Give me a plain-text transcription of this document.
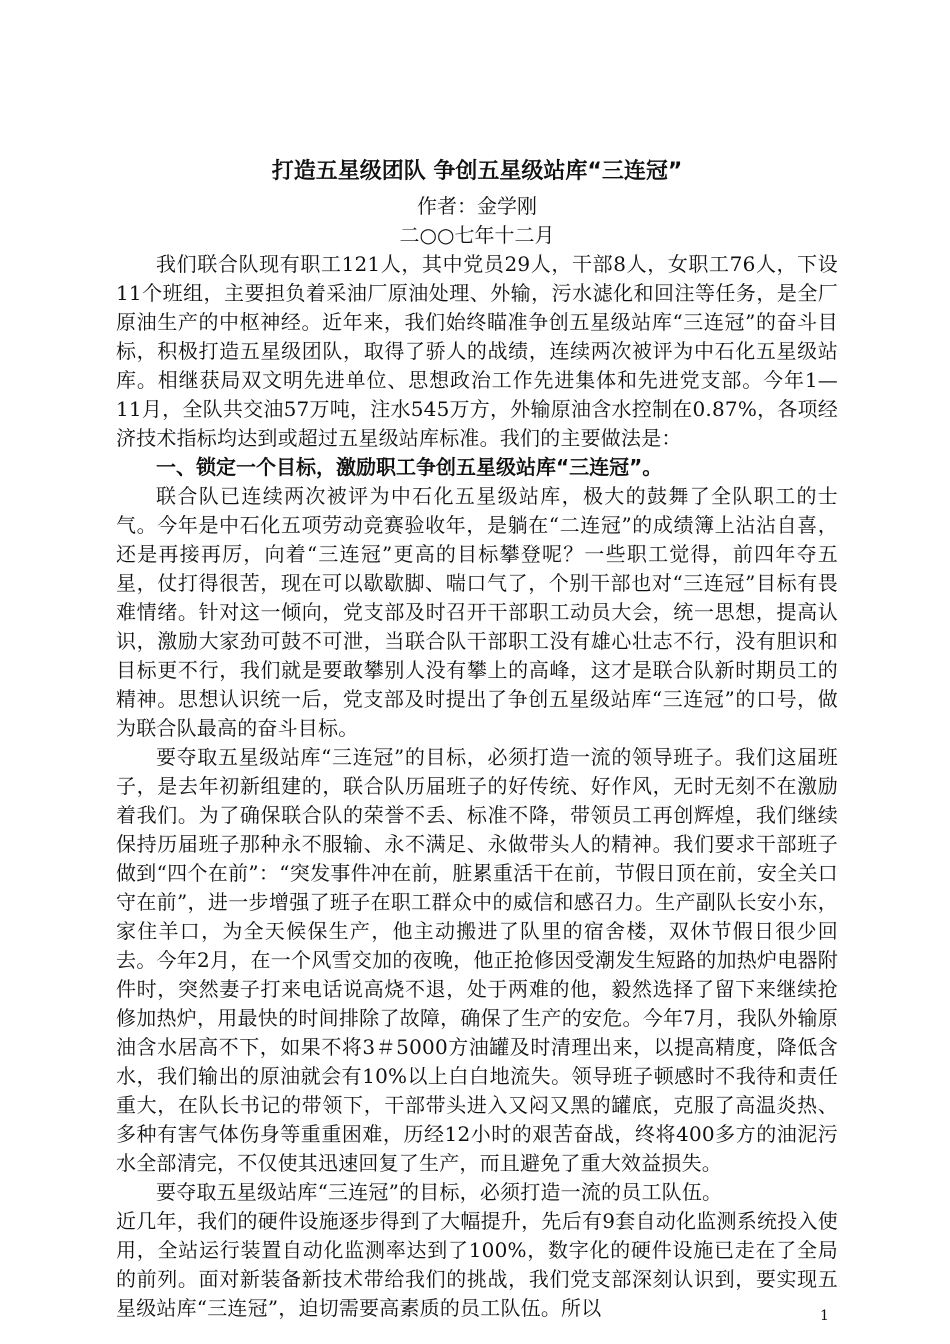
打造五星级团队 争创五星级站库“三连冠”

作者：金学刚

二○○七年十二月

我们联合队现有职工121人，其中党员29人，干部8人，女职工76人，下设11个班组，主要担负着采油厂原油处理、外输，污水滤化和回注等任务，是全厂原油生产的中枢神经。近年来，我们始终瞄准争创五星级站库“三连冠”的奋斗目标，积极打造五星级团队，取得了骄人的战绩，连续两次被评为中石化五星级站库。相继获局双文明先进单位、思想政治工作先进集体和先进党支部。今年1—11月，全队共交油57万吨，注水545万方，外输原油含水控制在0.87%，各项经济技术指标均达到或超过五星级站库标准。我们的主要做法是：

一、锁定一个目标，激励职工争创五星级站库“三连冠”。

联合队已连续两次被评为中石化五星级站库，极大的鼓舞了全队职工的士气。今年是中石化五项劳动竞赛验收年，是躺在“二连冠”的成绩簿上沾沾自喜，还是再接再厉，向着“三连冠”更高的目标攀登呢？一些职工觉得，前四年夺五星，仗打得很苦，现在可以歇歇脚、喘口气了，个别干部也对“三连冠”目标有畏难情绪。针对这一倾向，党支部及时召开干部职工动员大会，统一思想，提高认识，激励大家劲可鼓不可泄，当联合队干部职工没有雄心壮志不行，没有胆识和目标更不行，我们就是要敢攀别人没有攀上的高峰，这才是联合队新时期员工的精神。思想认识统一后，党支部及时提出了争创五星级站库“三连冠”的口号，做为联合队最高的奋斗目标。

要夺取五星级站库“三连冠”的目标，必须打造一流的领导班子。我们这届班子，是去年初新组建的，联合队历届班子的好传统、好作风，无时无刻不在激励着我们。为了确保联合队的荣誉不丢、标准不降，带领员工再创辉煌，我们继续保持历届班子那种永不服输、永不满足、永做带头人的精神。我们要求干部班子做到“四个在前”：“突发事件冲在前，脏累重活干在前，节假日顶在前，安全关口守在前”，进一步增强了班子在职工群众中的威信和感召力。生产副队长安小东，家住羊口，为全天候保生产，他主动搬进了队里的宿舍楼，双休节假日很少回去。今年2月，在一个风雪交加的夜晚，他正抢修因受潮发生短路的加热炉电器附件时，突然妻子打来电话说高烧不退，处于两难的他，毅然选择了留下来继续抢修加热炉，用最快的时间排除了故障，确保了生产的安危。今年7月，我队外输原油含水居高不下，如果不将3＃5000方油罐及时清理出来，以提高精度，降低含水，我们输出的原油就会有10%以上白白地流失。领导班子顿感时不我待和责任重大，在队长书记的带领下，干部带头进入又闷又黑的罐底，克服了高温炎热、多种有害气体伤身等重重困难，历经12小时的艰苦奋战，终将400多方的油泥污水全部清完，不仅使其迅速回复了生产，而且避免了重大效益损失。

要夺取五星级站库“三连冠”的目标，必须打造一流的员工队伍。

近几年，我们的硬件设施逐步得到了大幅提升，先后有9套自动化监测系统投入使用，全站运行装置自动化监测率达到了100%，数字化的硬件设施已走在了全局的前列。面对新装备新技术带给我们的挑战，我们党支部深刻认识到，要实现五星级站库“三连冠”，迫切需要高素质的员工队伍。所以	1
